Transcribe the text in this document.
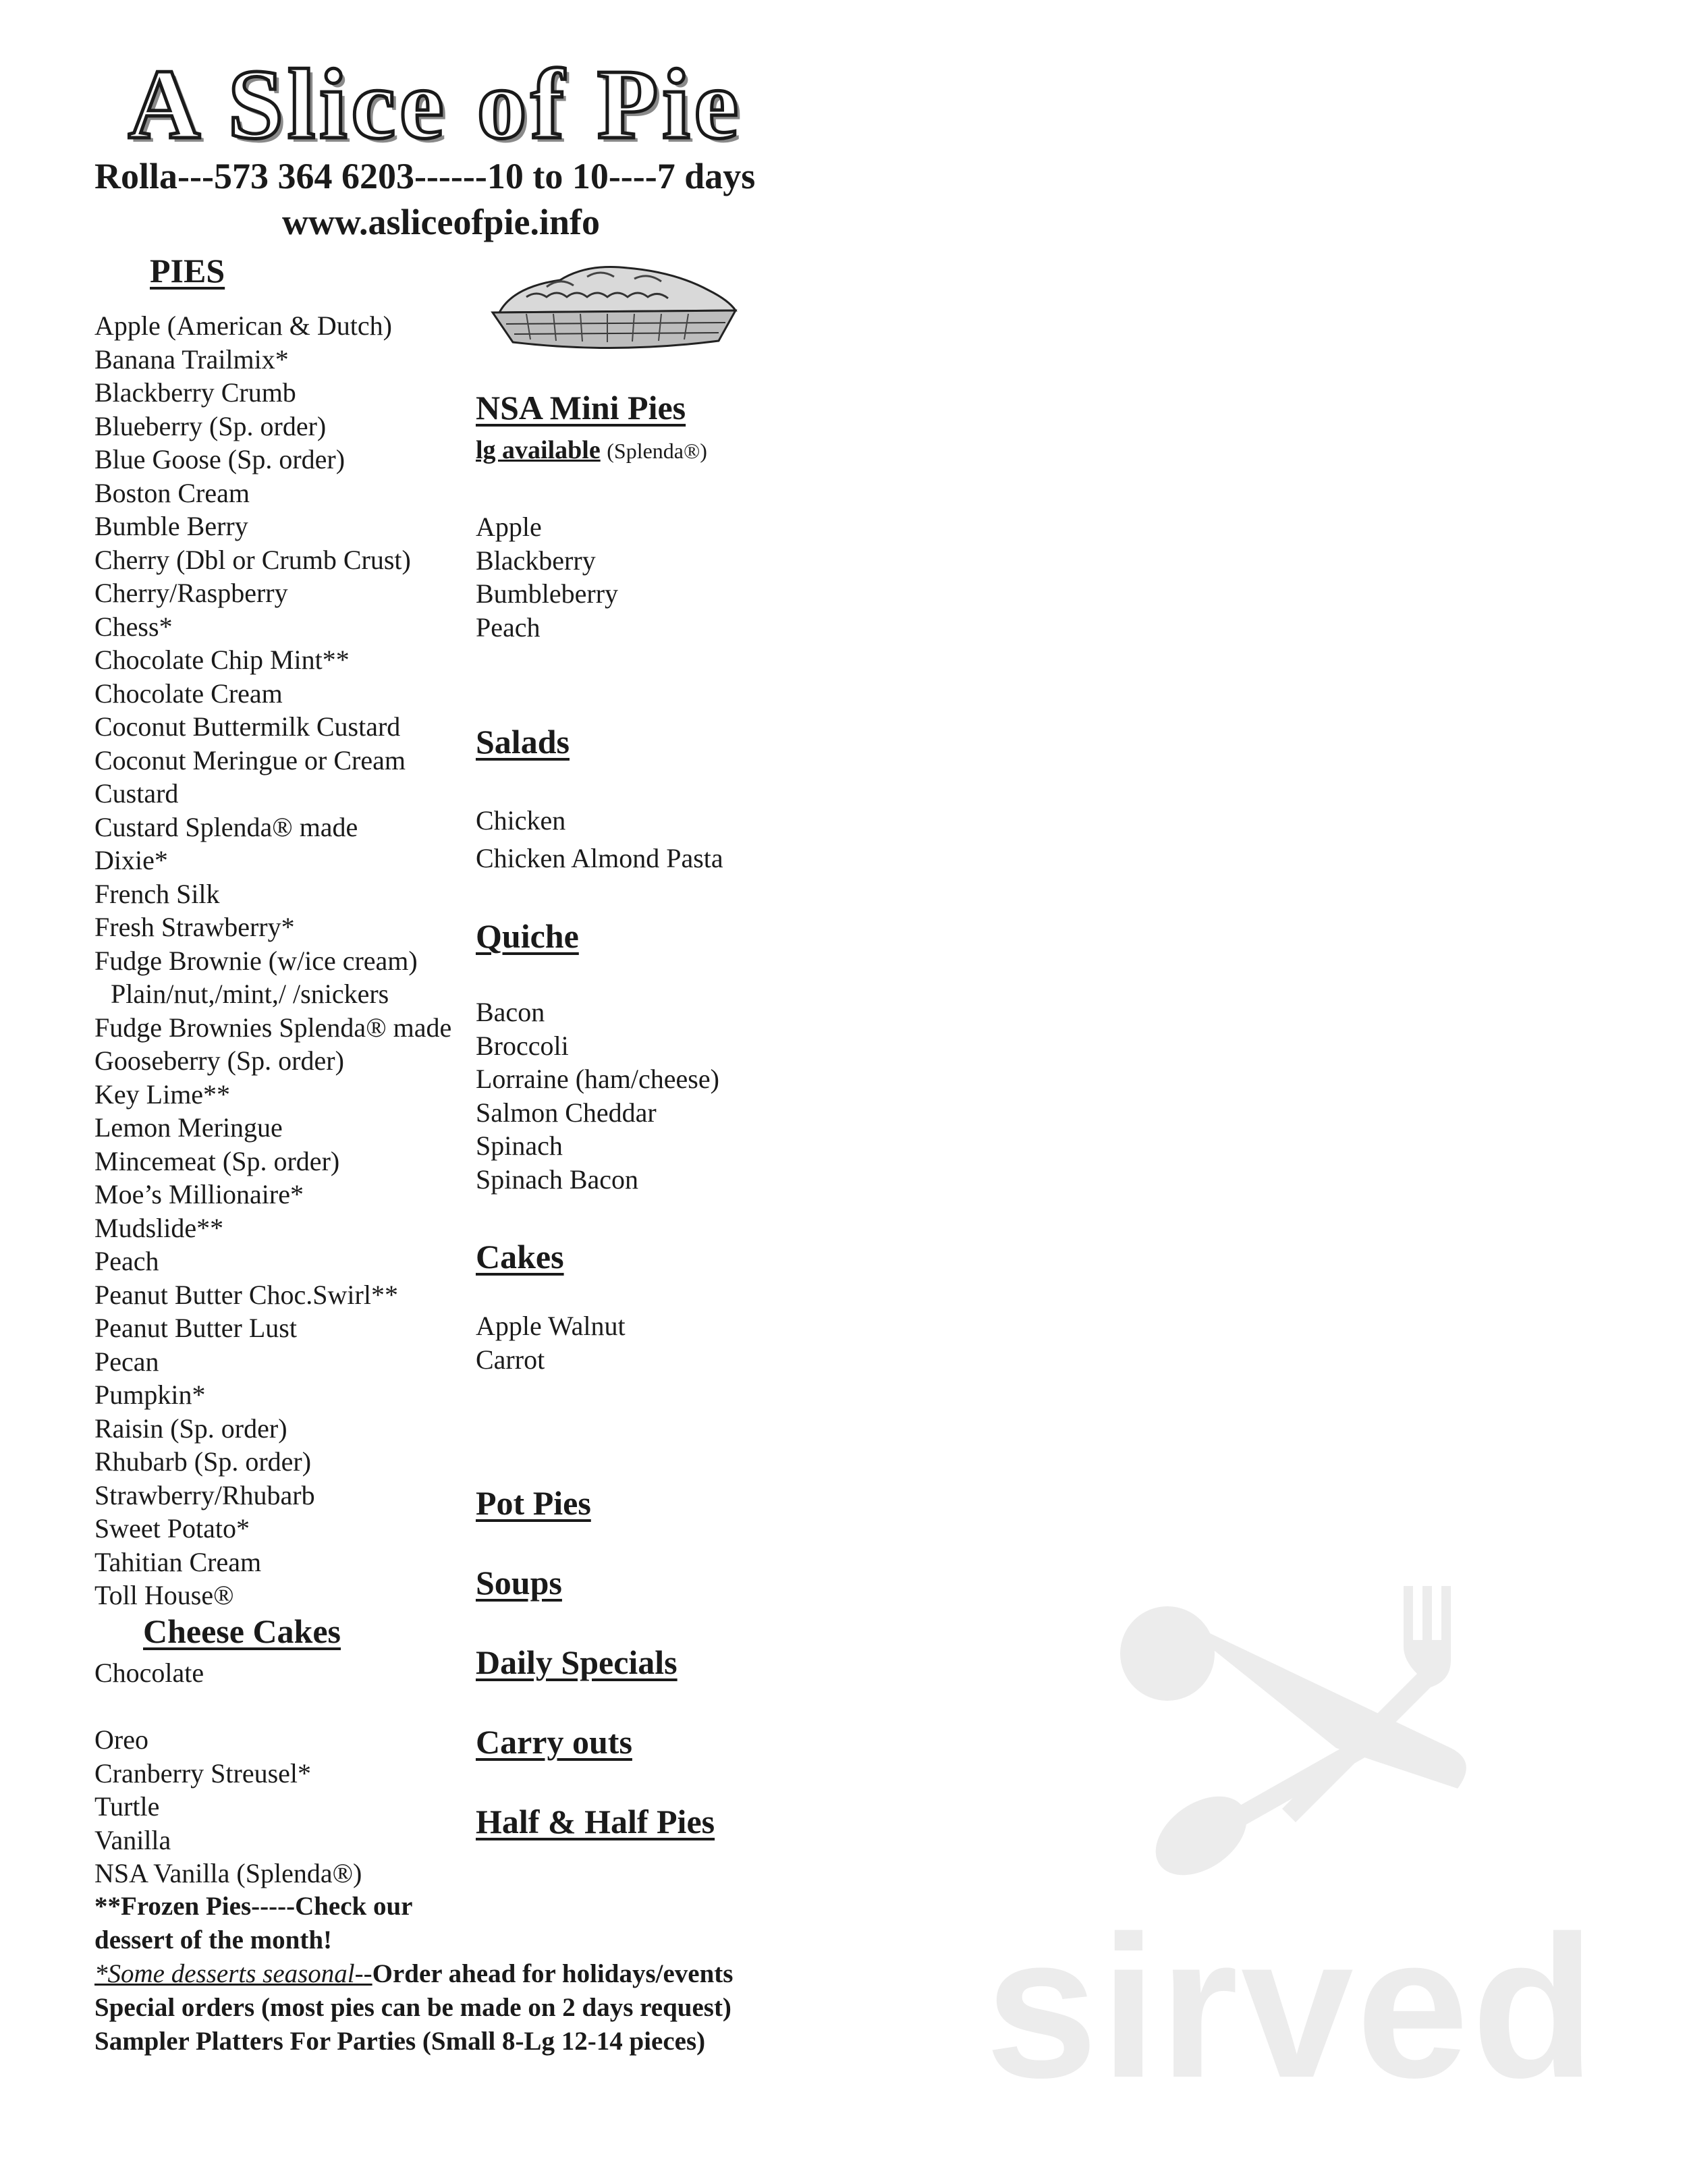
A Slice of Pie
Rolla---573 364 6203------10 to 10----7 days
www.asliceofpie.info
PIES
Apple (American & Dutch)
Banana Trailmix*
Blackberry Crumb
Blueberry (Sp. order)
Blue Goose (Sp. order)
Boston Cream
Bumble Berry
Cherry (Dbl or Crumb Crust)
Cherry/Raspberry
Chess*
Chocolate Chip Mint**
Chocolate Cream
Coconut Buttermilk Custard
Coconut Meringue or Cream
Custard
Custard Splenda® made
Dixie*
French Silk
Fresh Strawberry*
Fudge Brownie (w/ice cream)
Plain/nut,/mint,/ /snickers
Fudge Brownies Splenda® made
Gooseberry (Sp. order)
Key Lime**
Lemon Meringue
Mincemeat (Sp. order)
Moe’s Millionaire*
Mudslide**
Peach
Peanut Butter Choc.Swirl**
Peanut Butter Lust
Pecan
Pumpkin*
Raisin (Sp. order)
Rhubarb (Sp. order)
Strawberry/Rhubarb
Sweet Potato*
Tahitian Cream
Toll House®
Cheese Cakes
Chocolate
Oreo
Cranberry Streusel*
Turtle
Vanilla
NSA Vanilla (Splenda®)
NSA Mini Pies
lg available (Splenda®)
Apple
Blackberry
Bumbleberry
Peach
Salads
Chicken
Chicken Almond Pasta
Quiche
Bacon
Broccoli
Lorraine (ham/cheese)
Salmon Cheddar
Spinach
Spinach Bacon
Cakes
Apple Walnut
Carrot
Pot Pies
Soups
Daily Specials
Carry outs
Half & Half Pies

**Frozen Pies-----Check our

dessert of the month!

*Some desserts seasonal--Order ahead for holidays/events

Special orders (most pies can be made on 2 days request)

Sampler Platters For Parties (Small 8-Lg 12-14 pieces) sirved
